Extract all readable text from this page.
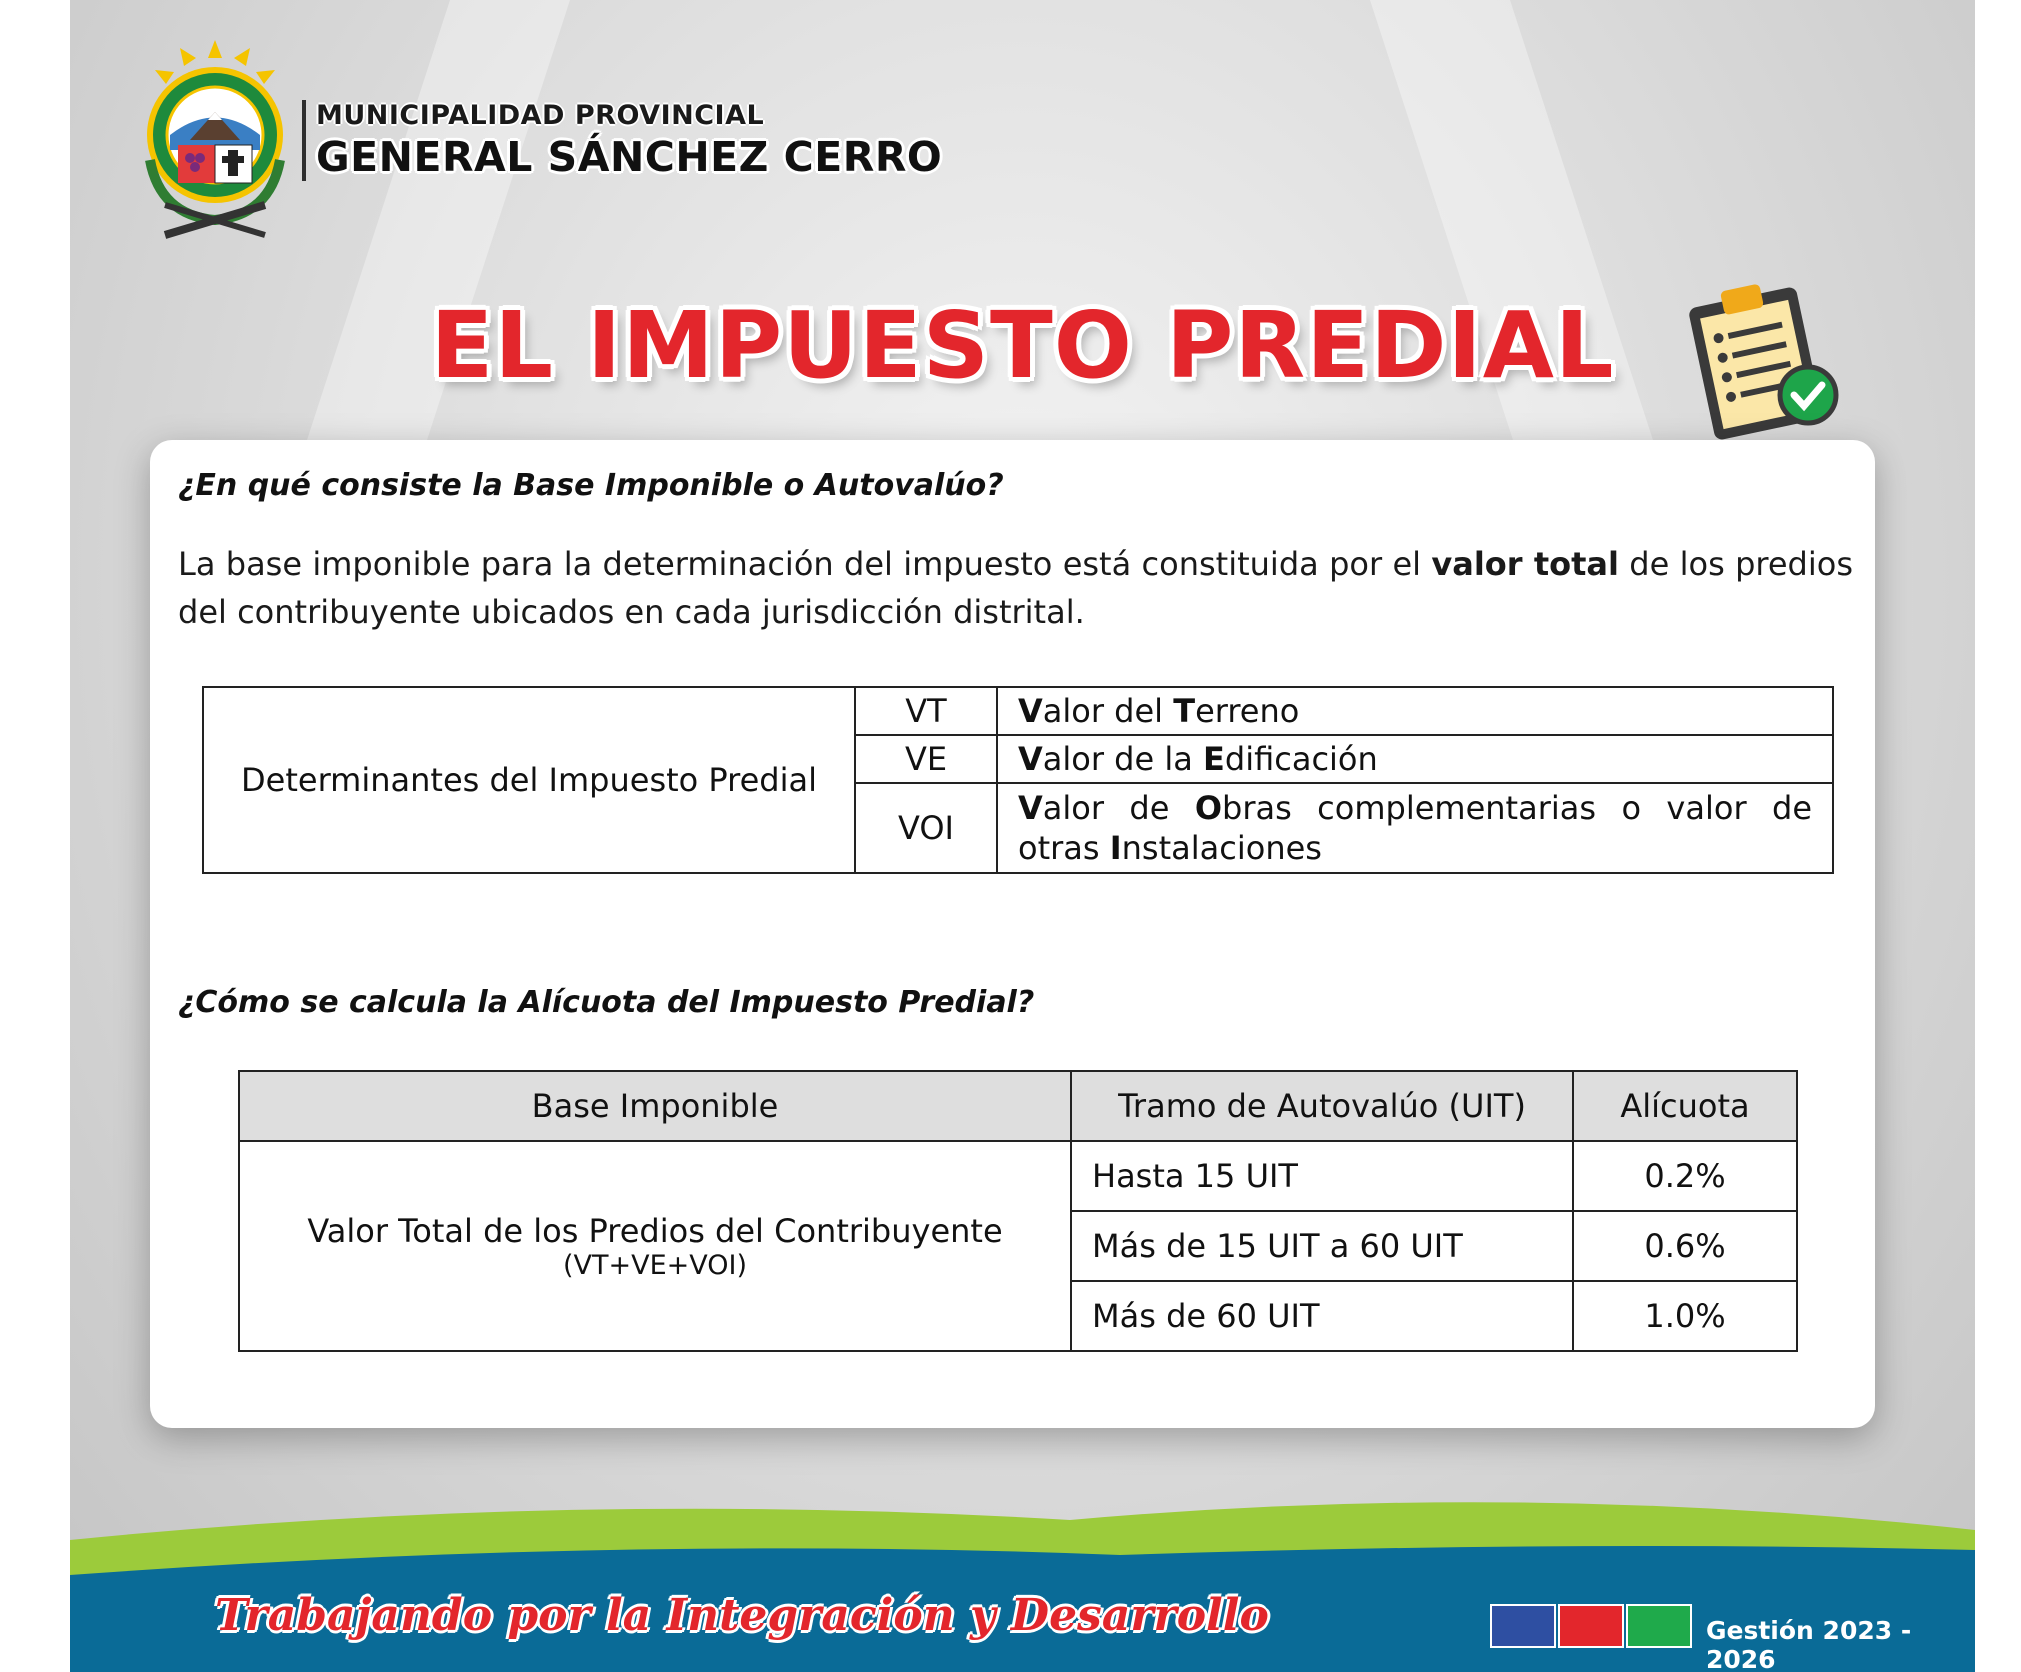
MUNICIPALIDAD PROVINCIAL
GENERAL SÁNCHEZ CERRO
EL IMPUESTO PREDIAL
¿En qué consiste la Base Imponible o Autovalúo?
La base imponible para la determinación del impuesto está constituida por el valor total de los predios del contribuyente ubicados en cada jurisdicción distrital.
Determinantes del Impuesto Predial	VT	Valor del Terreno
	VE	Valor de la Edificación
	VOI	Valor de Obras complementarias o valor de otras Instalaciones
¿Cómo se calcula la Alícuota del Impuesto Predial?
Base Imponible	Tramo de Autovalúo (UIT)	Alícuota

Valor Total de los Predios del Contribuyente
(VT+VE+VOI)	Hasta 15 UIT	0.2%
	Más de 15 UIT a 60 UIT	0.6%
	Más de 60 UIT	1.0%
Trabajando por la Integración y Desarrollo	Gestión 2023 - 2026
